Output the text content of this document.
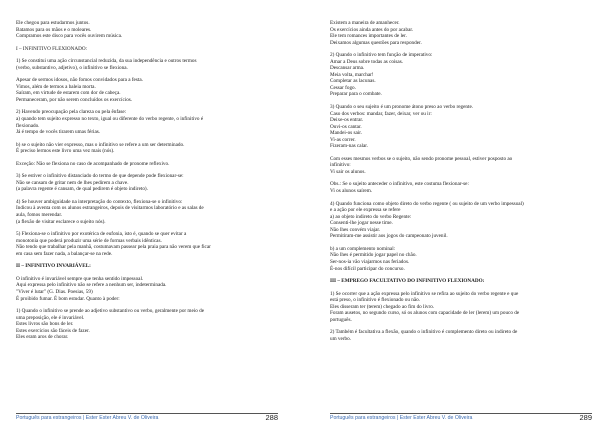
Ele chegou para estudarmos juntos.

Batamos para os mãos e o moleares.

Compramos este disco para vocês ouvirem música.

I – INFINITIVO FLEXIONADO:

1) Se constitui uma ação circunstancial reduzida, da sua independência e outros termos

(verbo, substantivo, adjetivo), o infinitivo se flexiona.

Apesar de sermos idosos, não fomos convidados para a festa.

Vimos, além de termos a baleia morta.

Saíram, em virtude de estarem com dor de cabeça.

Permaneceram, por não serem concluídos os exercícios.

2) Havendo preocupação pela clareza ou pela ênfase:

a) quando tem sujeito expresso no texto, igual ou diferente do verbo regente, o infinitivo é

flexionado.

Já é tempo de vocês tirarem umas férias.

b) se o sujeito não vier expresso, mas o infinitivo se refere a um ser determinado.

É preciso lermos este livro uma vez mais (nós).

Exceção: Não se flexiona no caso de acompanhado de pronome reflexivo.

3) Se estiver o infinitivo distanciado do termo de que depende pode flexionar-se:

Não se cansam de gritar nem de lhes pedirem a chave.

(a palavra regente é cansam, de qual pedirem é objeto indireto).

4) Se houver ambiguidade na interpretação do contexto, flexiona-se o infinitivo:

Indicou à aventa com os alunos estrangeiros, depois de visitarmos laboratório e as salas de

aula, fomos merendar.

(a flexão de visitar esclarece o sujeito nós).

5) Flexiona-se o infinitivo por exotérica de eufonia, isto é, quando se quer evitar a

monotonia que poderá produzir uma série de formas verbais idênticas.

Não tendo que trabalhar pela manhã, costumavam passear pela praia para não verem que ficar

em casa sem fazer nada, a balançar-se na rede.

II – INFINITIVO INVARIÁVEL:

O infinitivo é invariável sempre que tenha sentido impessoal.

Aqui expressa pelo infinitivo não se refere a nenhum ser, indeterminada.

"Viver é lutar" (G. Dias. Poesias, 59)

É proibido fumar. É bom estudar. Quanto à poder:

1) Quando o infinitivo se prende ao adjetivo substantivo ou verbo, geralmente por meio de

uma preposição, ele é invariável.

Estes livros são bons de ler.

Estes exercícios são fáceis de fazer.

Eles eram aros de chorar.

Existem a maneira de amanhecer.

Os exercícios ainda antes do por acabar.

Ele tem romances importantes de ler.

Deixamos algumas questões para responder.

2) Quando o infinitivo tem função de imperativo:

Amar a Deus sobre todas as coisas.

Descansar arma.

Meia volta, marchar!

Completar as lacunas.

Cessar fogo.

Preparar para o combate.

3) Quando o seu sujeito é um pronome átono preso ao verbo regente.

Caso dos verbos: mandar, fazer, deixar, ver ou ir:

Deixe-os entrar.

Ouvi-os cantar.

Mandei-os sair.

Vi-as correr.

Fizeram-nas calar.

Com esses mesmos verbos se o sujeito, não sendo pronome pessoal, estiver posposto ao

infinitivo:

Vi sair os alunos.

Obs.: Se o sujeito anteceder o infinitivo, este costuma flexionar-se:

Vi os alunos saírem.

4) Quando funciona como objeto direto do verbo regente ( ou sujeito de um verbo impessoal)

e a ação por ele expressa se refere

a) ao objeto indireto do verbo Regente:

Consenti-lhe jogar nesse time.

Não lhes convém viajar.

Permitiram-me assistir aos jogos do campeonato juvenil.

b) a um complemento nominal:

Não lhes é permitido jogar papel no chão.

Ser-nos-ia vão viajarmos nas feriados.

É-nos difícil participar do concurso.

III – EMPREGO FACULTATIVO DO INFINITIVO FLEXIONADO:

1) Se ocorrer que a ação expressa pelo infinitivo se refira ao sujeito do verbo regente e que

está preso, o infinitivo é flexionado ou não.

Eles disseram ter (terem) chegado ao fim do livro.

Foram ausetos, no segundo curso, só os alunos com capacidade de ler (lerem) um pouco de

português.

2) Também é facultativa a flexão, quando o infinitivo é complemento direto ou indireto de

um verbo.

Português para estrangeiros | Ester Ester Abreu V. de Oliveira	288	Português para estrangeiros | Ester Ester Abreu V. de Oliveira	289
